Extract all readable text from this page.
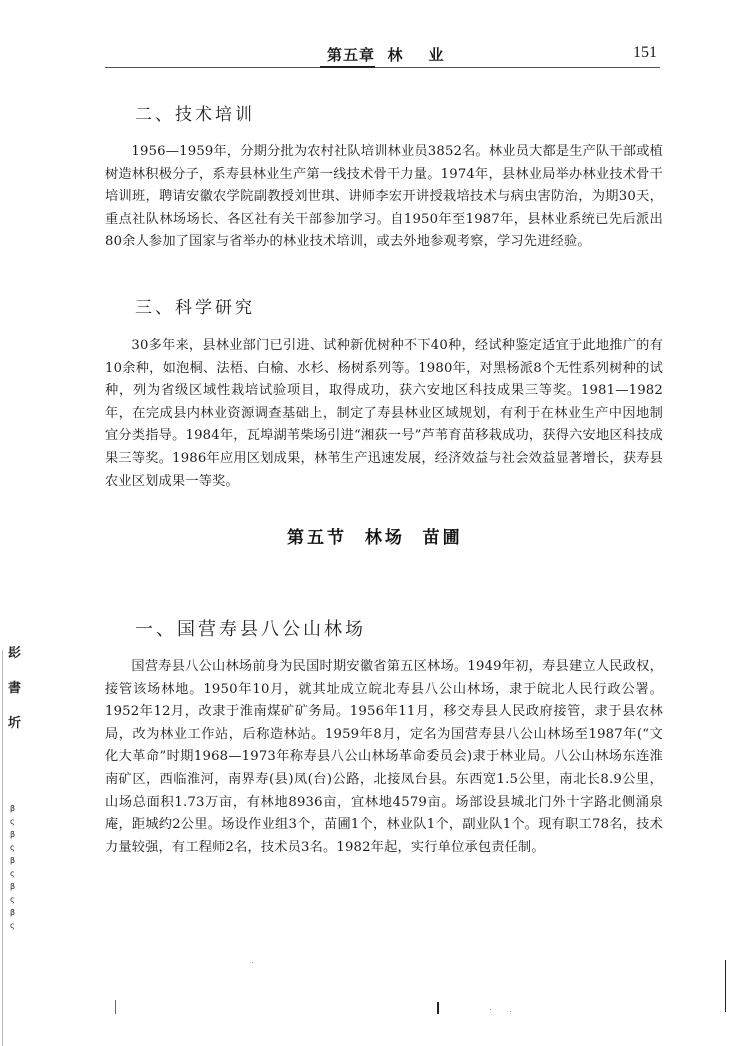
第五章  林    业	151
二、技术培训

1956—1959年，分期分批为农村社队培训林业员3852名。林业员大都是生产队干部或植树造林积极分子，系寿县林业生产第一线技术骨干力量。1974年，县林业局举办林业技术骨干培训班，聘请安徽农学院副教授刘世琪、讲师李宏开讲授栽培技术与病虫害防治，为期30天，重点社队林场场长、各区社有关干部参加学习。自1950年至1987年，县林业系统已先后派出80余人参加了国家与省举办的林业技术培训，或去外地参观考察，学习先进经验。

三、科学研究

30多年来，县林业部门已引进、试种新优树种不下40种，经试种鉴定适宜于此地推广的有10余种，如泡桐、法梧、白榆、水杉、杨树系列等。1980年，对黑杨派8个无性系列树种的试种，列为省级区域性栽培试验项目，取得成功，获六安地区科技成果三等奖。1981—1982年，在完成县内林业资源调查基础上，制定了寿县林业区域规划，有利于在林业生产中因地制宜分类指导。1984年，瓦埠湖苇柴场引进“湘荻一号”芦苇育苗移栽成功，获得六安地区科技成果三等奖。1986年应用区划成果，林苇生产迅速发展，经济效益与社会效益显著增长，获寿县农业区划成果一等奖。

第五节  林场  苗圃
一、国营寿县八公山林场

国营寿县八公山林场前身为民国时期安徽省第五区林场。1949年初，寿县建立人民政权，接管该场林地。1950年10月，就其址成立皖北寿县八公山林场，隶于皖北人民行政公署。1952年12月，改隶于淮南煤矿矿务局。1956年11月，移交寿县人民政府接管，隶于县农林局，改为林业工作站，后称造林站。1959年8月，定名为国营寿县八公山林场至1987年(“文化大革命”时期1968—1973年称寿县八公山林场革命委员会)隶于林业局。八公山林场东连淮南矿区，西临淮河，南界寿(县)凤(台)公路，北接凤台县。东西宽1.5公里，南北长8.9公里，山场总面积1.73万亩，有林地8936亩，宜林地4579亩。场部设县城北门外十字路北侧涌泉庵，距城约2公里。场设作业组3个，苗圃1个，林业队1个，副业队1个。现有职工78名，技术力量较强，有工程师2名，技术员3名。1982年起，实行单位承包责任制。

髟
書
圻
β
ς
β
ς
β
ς
β
ς
β
ς
